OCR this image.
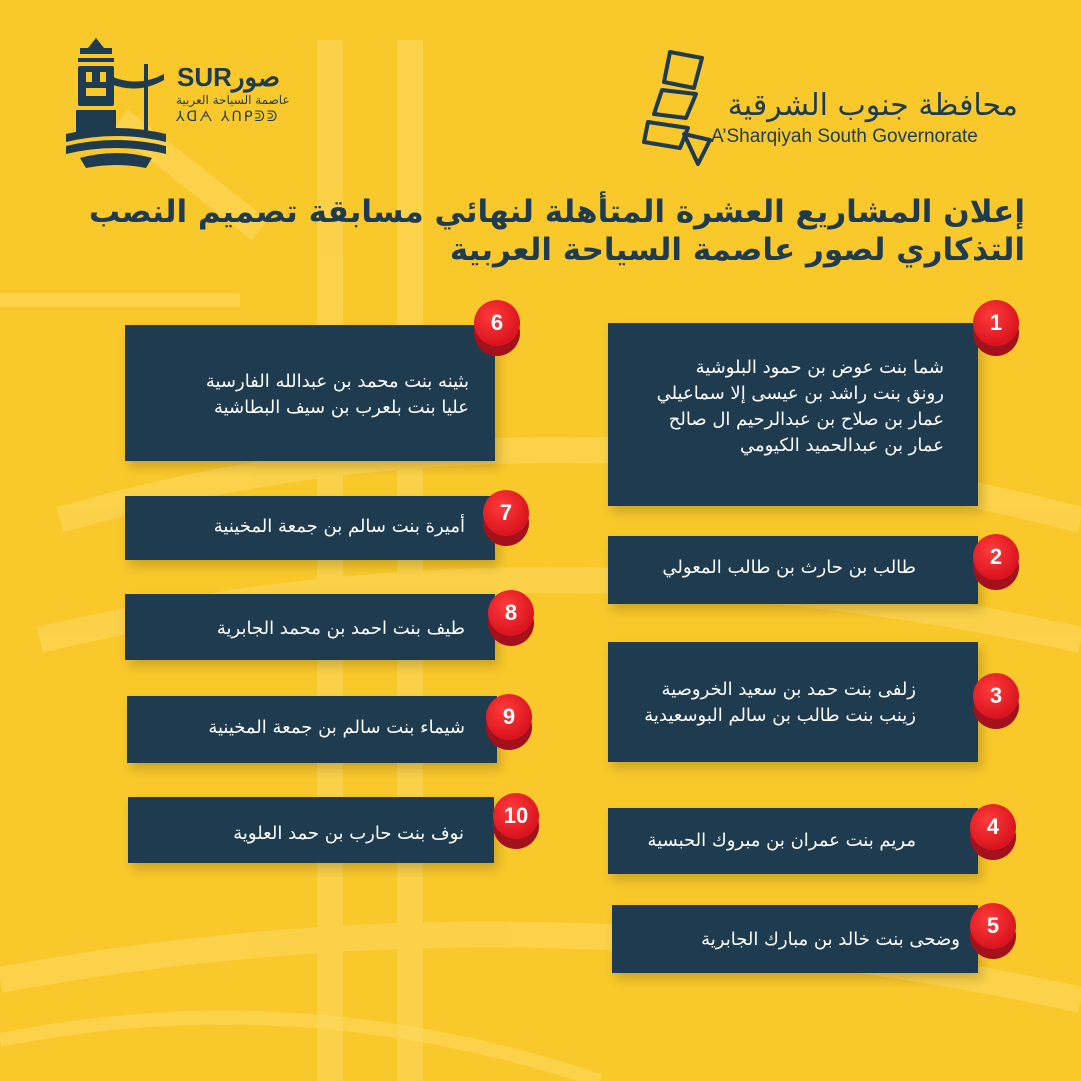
SURصور
عاصمة السياحة العربية
⅄ᗡᗅ ⅄ᑎᑭᕲᕲ	محافظة جنوب الشرقية
A’Sharqiyah South Governorate
إعلان المشاريع العشرة المتأهلة لنهائي مسابقة تصميم النصب
التذكاري لصور عاصمة السياحة العربية
شما بنت عوض بن حمود البلوشية
رونق بنت راشد بن عيسى إلا سماعيلي
عمار بن صلاح بن عبدالرحيم ال صالح
عمار بن عبدالحميد الكيومي
طالب بن حارث بن طالب المعولي
زلفى بنت حمد بن سعيد الخروصية
زينب بنت طالب بن سالم البوسعيدية
مريم بنت عمران بن مبروك الحبسية
وضحى بنت خالد بن مبارك الجابرية
بثينه بنت محمد بن عبدالله الفارسية
عليا بنت بلعرب بن سيف البطاشية
أميرة بنت سالم بن جمعة المخينية
طيف بنت احمد بن محمد الجابرية
شيماء بنت سالم بن جمعة المخينية
نوف بنت حارب بن حمد العلوية
1
2
3
4
5
6
7
8
9
10
